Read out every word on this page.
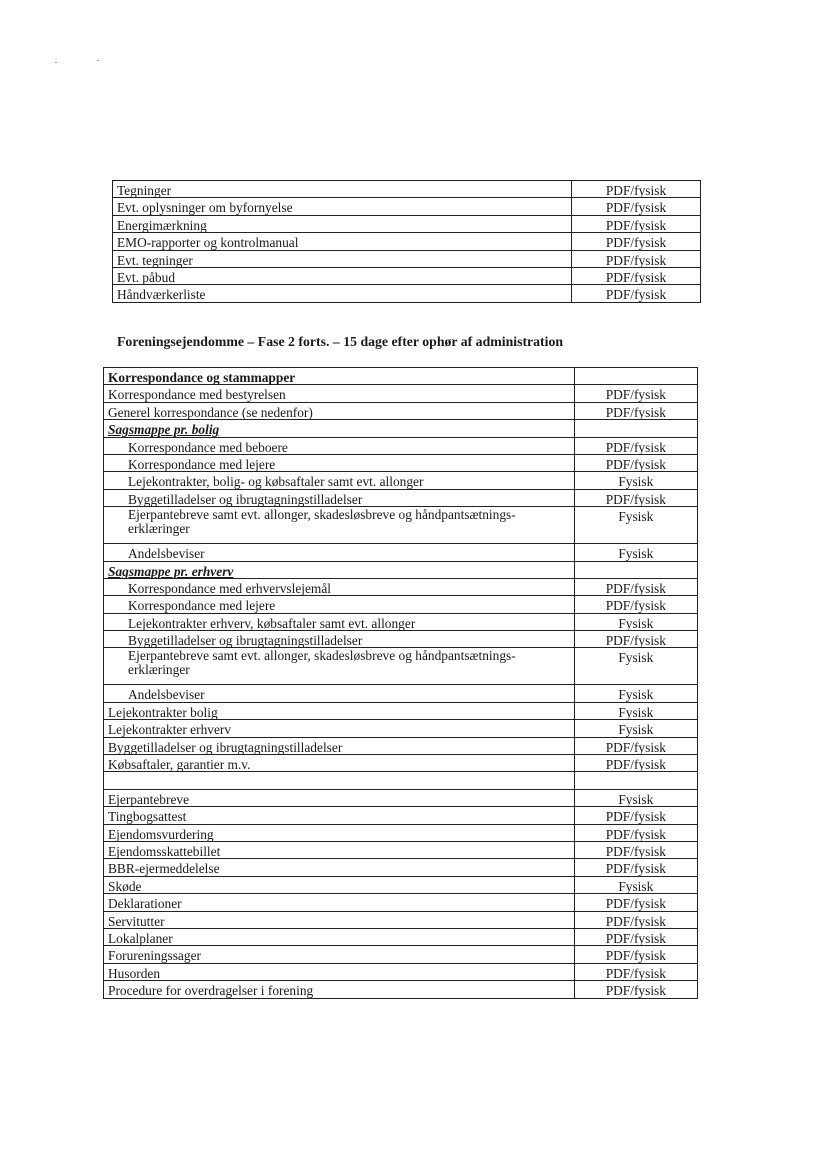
Tegninger	PDF/fysisk
Evt. oplysninger om byfornyelse	PDF/fysisk
Energimærkning	PDF/fysisk
EMO-rapporter og kontrolmanual	PDF/fysisk
Evt. tegninger	PDF/fysisk
Evt. påbud	PDF/fysisk
Håndværkerliste	PDF/fysisk
Foreningsejendomme – Fase 2 forts. – 15 dage efter ophør af administration
Korrespondance og stammapper	
Korrespondance med bestyrelsen	PDF/fysisk
Generel korrespondance (se nedenfor)	PDF/fysisk
Sagsmappe pr. bolig	
Korrespondance med beboere	PDF/fysisk
Korrespondance med lejere	PDF/fysisk
Lejekontrakter, bolig- og købsaftaler samt evt. allonger	Fysisk
Byggetilladelser og ibrugtagningstilladelser	PDF/fysisk
Ejerpantebreve samt evt. allonger, skadesløsbreve og håndpantsætnings-erklæringer	Fysisk
Andelsbeviser	Fysisk
Sagsmappe pr. erhverv	
Korrespondance med erhvervslejemål	PDF/fysisk
Korrespondance med lejere	PDF/fysisk
Lejekontrakter erhverv, købsaftaler samt evt. allonger	Fysisk
Byggetilladelser og ibrugtagningstilladelser	PDF/fysisk
Ejerpantebreve samt evt. allonger, skadesløsbreve og håndpantsætnings-erklæringer	Fysisk
Andelsbeviser	Fysisk
Lejekontrakter bolig	Fysisk
Lejekontrakter erhverv	Fysisk
Byggetilladelser og ibrugtagningstilladelser	PDF/fysisk
Købsaftaler, garantier m.v.	PDF/fysisk

Ejerpantebreve	Fysisk
Tingbogsattest	PDF/fysisk
Ejendomsvurdering	PDF/fysisk
Ejendomsskattebillet	PDF/fysisk
BBR-ejermeddelelse	PDF/fysisk
Skøde	Fysisk
Deklarationer	PDF/fysisk
Servitutter	PDF/fysisk
Lokalplaner	PDF/fysisk
Forureningssager	PDF/fysisk
Husorden	PDF/fysisk
Procedure for overdragelser i forening	PDF/fysisk
